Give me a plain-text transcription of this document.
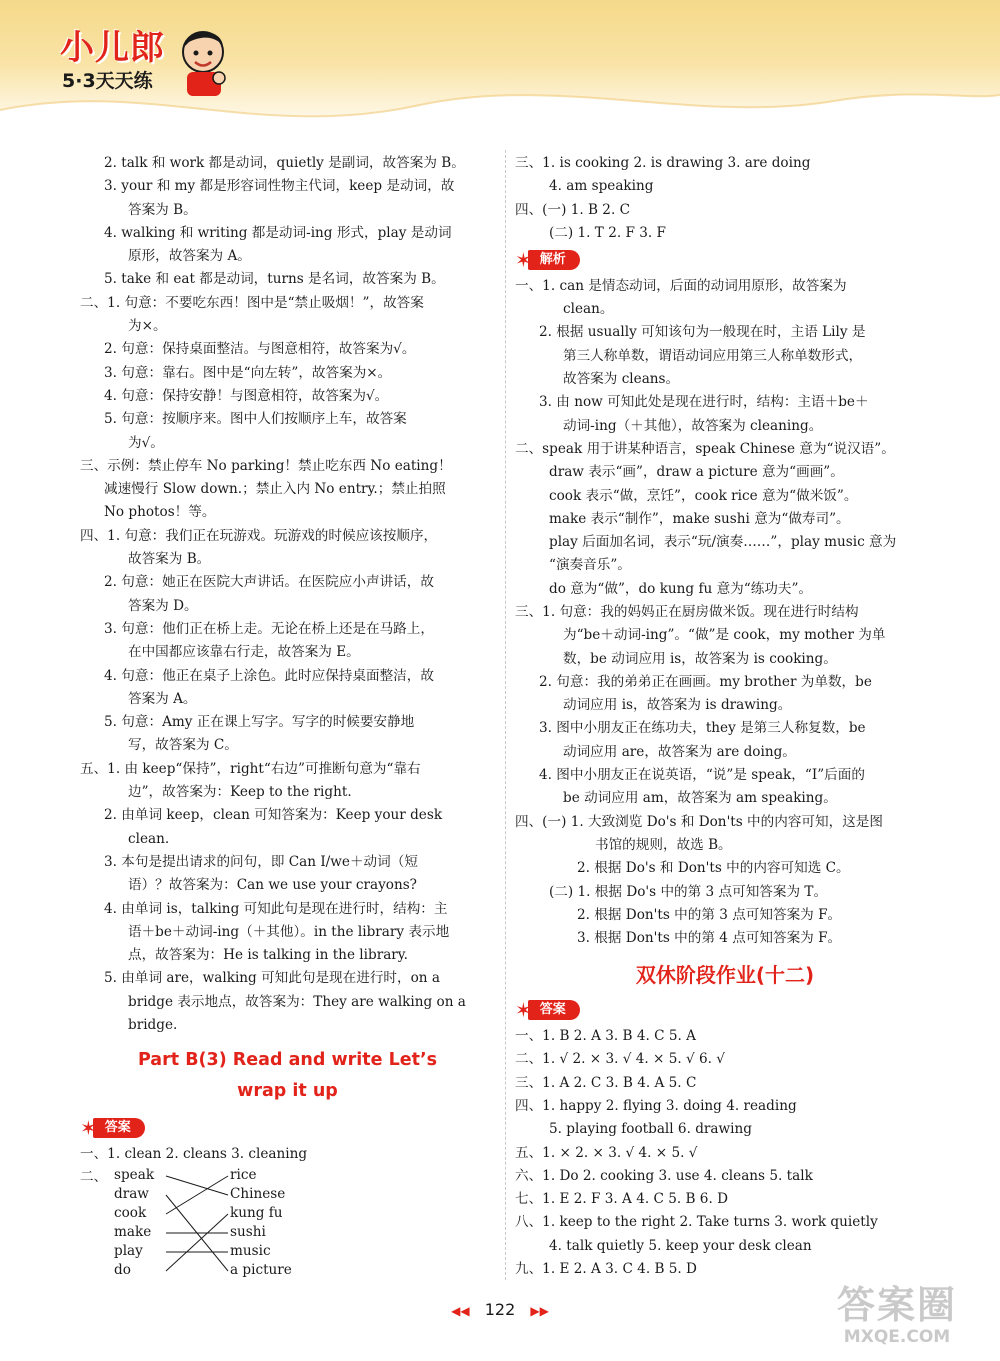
小儿郎
5·3天天练
2. talk 和 work 都是动词，quietly 是副词，故答案为 B。
3. your 和 my 都是形容词性物主代词，keep 是动词，故
答案为 B。
4. walking 和 writing 都是动词-ing 形式，play 是动词
原形，故答案为 A。
5. take 和 eat 都是动词，turns 是名词，故答案为 B。
二、1. 句意：不要吃东西！图中是“禁止吸烟！”，故答案
为×。
2. 句意：保持桌面整洁。与图意相符，故答案为√。
3. 句意：靠右。图中是“向左转”，故答案为×。
4. 句意：保持安静！与图意相符，故答案为√。
5. 句意：按顺序来。图中人们按顺序上车，故答案
为√。
三、示例：禁止停车 No parking！禁止吃东西 No eating！
减速慢行 Slow down.；禁止入内 No entry.；禁止拍照
No photos！等。
四、1. 句意：我们正在玩游戏。玩游戏的时候应该按顺序，
故答案为 B。
2. 句意：她正在医院大声讲话。在医院应小声讲话，故
答案为 D。
3. 句意：他们正在桥上走。无论在桥上还是在马路上，
在中国都应该靠右行走，故答案为 E。
4. 句意：他正在桌子上涂色。此时应保持桌面整洁，故
答案为 A。
5. 句意：Amy 正在课上写字。写字的时候要安静地
写，故答案为 C。
五、1. 由 keep“保持”，right“右边”可推断句意为“靠右
边”，故答案为：Keep to the right.
2. 由单词 keep，clean 可知答案为：Keep your desk
clean.
3. 本句是提出请求的问句，即 Can I/we＋动词（短
语）？故答案为：Can we use your crayons?
4. 由单词 is，talking 可知此句是现在进行时，结构：主
语＋be＋动词-ing（＋其他）。in the library 表示地
点，故答案为：He is talking in the library.
5. 由单词 are，walking 可知此句是现在进行时，on a
bridge 表示地点，故答案为：They are walking on a
bridge.
Part B(3) Read and write Let’s
wrap it up
✶ 答案
一、1. clean 2. cleans 3. cleaning
二、 speak
draw
cook
make
play
do
rice
Chinese
kung fu
sushi
music
a picture
三、1. is cooking 2. is drawing 3. are doing
4. am speaking
四、(一) 1. B 2. C
(二) 1. T 2. F 3. F
✶ 解析
一、1. can 是情态动词，后面的动词用原形，故答案为
clean。
2. 根据 usually 可知该句为一般现在时，主语 Lily 是
第三人称单数，谓语动词应用第三人称单数形式，
故答案为 cleans。
3. 由 now 可知此处是现在进行时，结构：主语＋be＋
动词-ing（＋其他），故答案为 cleaning。
二、speak 用于讲某种语言，speak Chinese 意为“说汉语”。
draw 表示“画”，draw a picture 意为“画画”。
cook 表示“做，烹饪”，cook rice 意为“做米饭”。
make 表示“制作”，make sushi 意为“做寿司”。
play 后面加名词，表示“玩/演奏……”，play music 意为
“演奏音乐”。
do 意为“做”，do kung fu 意为“练功夫”。
三、1. 句意：我的妈妈正在厨房做米饭。现在进行时结构
为“be＋动词-ing”。“做”是 cook，my mother 为单
数，be 动词应用 is，故答案为 is cooking。
2. 句意：我的弟弟正在画画。my brother 为单数，be
动词应用 is，故答案为 is drawing。
3. 图中小朋友正在练功夫，they 是第三人称复数，be
动词应用 are，故答案为 are doing。
4. 图中小朋友正在说英语，“说”是 speak，“I”后面的
be 动词应用 am，故答案为 am speaking。
四、(一) 1. 大致浏览 Do's 和 Don'ts 中的内容可知，这是图
书馆的规则，故选 B。
2. 根据 Do's 和 Don'ts 中的内容可知选 C。
(二) 1. 根据 Do's 中的第 3 点可知答案为 T。
2. 根据 Don'ts 中的第 3 点可知答案为 F。
3. 根据 Don'ts 中的第 4 点可知答案为 F。
双休阶段作业(十二)
✶ 答案
一、1. B 2. A 3. B 4. C 5. A
二、1. √ 2. × 3. √ 4. × 5. √ 6. √
三、1. A 2. C 3. B 4. A 5. C
四、1. happy 2. flying 3. doing 4. reading
5. playing football 6. drawing
五、1. × 2. × 3. √ 4. × 5. √
六、1. Do 2. cooking 3. use 4. cleans 5. talk
七、1. E 2. F 3. A 4. C 5. B 6. D
八、1. keep to the right 2. Take turns 3. work quietly
4. talk quietly 5. keep your desk clean
九、1. E 2. A 3. C 4. B 5. D
◀◀ 122 ▶▶	答案圈
MXQE.COM
